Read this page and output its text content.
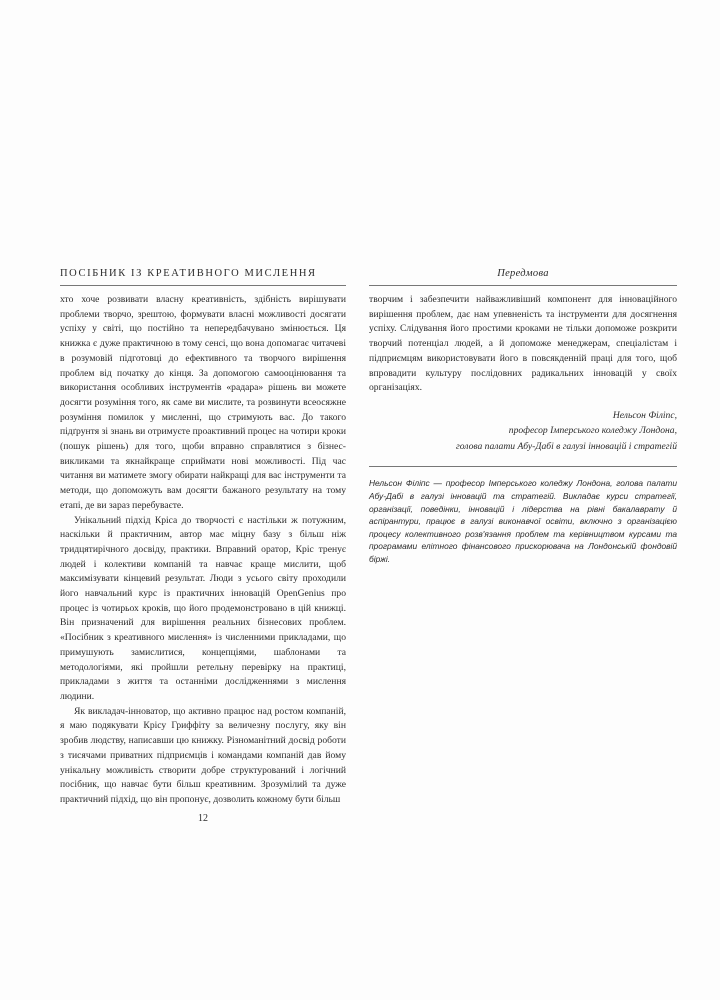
ПОСІБНИК ІЗ КРЕАТИВНОГО МИСЛЕННЯ

хто хоче розвивати власну креативність, здібність вирішувати проблеми творчо, зрештою, формувати власні можливості досягати успіху у світі, що постійно та непередбачувано змінюється. Ця книжка є дуже практичною в тому сенсі, що вона допомагає читачеві в розумовій підготовці до ефективного та творчого вирішення проблем від початку до кінця. За допомогою самооцінювання та використання особливих інструментів «радара» рішень ви можете досягти розуміння того, як саме ви мислите, та розвинути всеосяжне розуміння помилок у мисленні, що стримують вас. До такого підґрунтя зі знань ви отримуєте проактивний процес на чотири кроки (пошук рішень) для того, щоби вправно справлятися з бізнес-викликами та якнайкраще сприймати нові можливості. Під час читання ви матимете змогу обирати найкращі для вас інструменти та методи, що допоможуть вам досягти бажаного результату на тому етапі, де ви зараз перебуваєте.

Унікальний підхід Кріса до творчості є настільки ж потужним, наскільки й практичним, автор має міцну базу з більш ніж тридцятирічного досвіду, практики. Вправний оратор, Кріс тренує людей і колективи компаній та навчає краще мислити, щоб максимізувати кінцевий результат. Люди з усього світу проходили його навчальний курс із практичних інновацій OpenGenius про процес із чотирьох кроків, що його продемонстровано в цій книжці. Він призначений для вирішення реальних бізнесових проблем. «Посібник з креативного мислення» із численними прикладами, що примушують замислитися, концепціями, шаблонами та методологіями, які пройшли ретельну перевірку на практиці, прикладами з життя та останніми дослідженнями з мислення людини.

Як викладач-інноватор, що активно працює над ростом компаній, я маю подякувати Крісу Гриффіту за величезну послугу, яку він зробив людству, написавши цю книжку. Різноманітний досвід роботи з тисячами приватних підприємців і командами компаній дав йому унікальну можливість створити добре структурований і логічний посібник, що навчає бути більш креативним. Зрозумілий та дуже практичний підхід, що він пропонує, дозволить кожному бути більш

12
Передмова

творчим і забезпечити найважливіший компонент для інноваційного вирішення проблем, дає нам упевненість та інструменти для досягнення успіху. Слідування його простими кроками не тільки допоможе розкрити творчий потенціал людей, а й допоможе менеджерам, спеціалістам і підприємцям використовувати його в повсякденній праці для того, щоб впровадити культуру послідовних радикальних інновацій у своїх організаціях.

Нельсон Філіпс,
професор Імперського коледжу Лондона,
голова палати Абу-Дабі в галузі інновацій і стратегій
Нельсон Філіпс — професор Імперського коледжу Лондона, голова палати Абу-Дабі в галузі інновацій та стратегій. Викладає курси стратегії, організації, поведінки, інновацій і лідерства на рівні бакалаврату й аспірантури, працює в галузі виконавчої освіти, включно з організацією процесу колективного розв'язання проблем та керівництвом курсами та програмами елітного фінансового прискорювача на Лондонській фондовій біржі.
